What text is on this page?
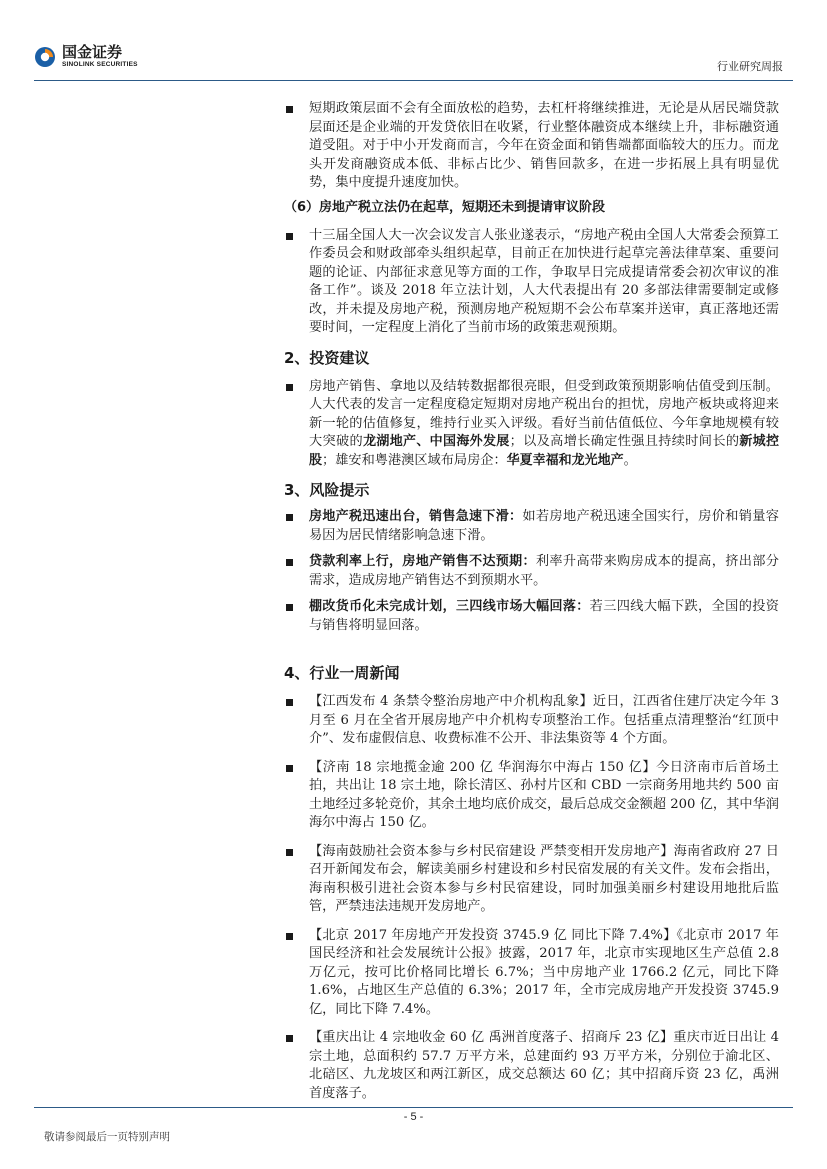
国金证券
SINOLINK SECURITIES	行业研究周报
短期政策层面不会有全面放松的趋势，去杠杆将继续推进，无论是从居民端贷款层面还是企业端的开发贷依旧在收紧，行业整体融资成本继续上升，非标融资通道受阻。对于中小开发商而言，今年在资金面和销售端都面临较大的压力。而龙头开发商融资成本低、非标占比少、销售回款多，在进一步拓展上具有明显优势，集中度提升速度加快。
（6）房地产税立法仍在起草，短期还未到提请审议阶段
十三届全国人大一次会议发言人张业遂表示，“房地产税由全国人大常委会预算工作委员会和财政部牵头组织起草，目前正在加快进行起草完善法律草案、重要问题的论证、内部征求意见等方面的工作，争取早日完成提请常委会初次审议的准备工作”。谈及 2018 年立法计划，人大代表提出有 20 多部法律需要制定或修改，并未提及房地产税，预测房地产税短期不会公布草案并送审，真正落地还需要时间，一定程度上消化了当前市场的政策悲观预期。
2、投资建议
房地产销售、拿地以及结转数据都很亮眼，但受到政策预期影响估值受到压制。人大代表的发言一定程度稳定短期对房地产税出台的担忧，房地产板块或将迎来新一轮的估值修复，维持行业买入评级。看好当前估值低位、今年拿地规模有较大突破的龙湖地产、中国海外发展；以及高增长确定性强且持续时间长的新城控股；雄安和粤港澳区域布局房企：华夏幸福和龙光地产。
3、风险提示
房地产税迅速出台，销售急速下滑：如若房地产税迅速全国实行，房价和销量容易因为居民情绪影响急速下滑。
贷款利率上行，房地产销售不达预期：利率升高带来购房成本的提高，挤出部分需求，造成房地产销售达不到预期水平。
棚改货币化未完成计划，三四线市场大幅回落：若三四线大幅下跌，全国的投资与销售将明显回落。
4、行业一周新闻
【江西发布 4 条禁令整治房地产中介机构乱象】近日，江西省住建厅决定今年 3 月至 6 月在全省开展房地产中介机构专项整治工作。包括重点清理整治“红顶中介”、发布虚假信息、收费标准不公开、非法集资等 4 个方面。
【济南 18 宗地揽金逾 200 亿 华润海尔中海占 150 亿】今日济南市后首场土拍，共出让 18 宗土地，除长清区、孙村片区和 CBD 一宗商务用地共约 500 亩土地经过多轮竞价，其余土地均底价成交，最后总成交金额超 200 亿，其中华润海尔中海占 150 亿。
【海南鼓励社会资本参与乡村民宿建设 严禁变相开发房地产】海南省政府 27 日召开新闻发布会，解读美丽乡村建设和乡村民宿发展的有关文件。发布会指出，海南积极引进社会资本参与乡村民宿建设，同时加强美丽乡村建设用地批后监管，严禁违法违规开发房地产。
【北京 2017 年房地产开发投资 3745.9 亿 同比下降 7.4%】《北京市 2017 年国民经济和社会发展统计公报》披露，2017 年，北京市实现地区生产总值 2.8 万亿元，按可比价格同比增长 6.7%；当中房地产业 1766.2 亿元，同比下降 1.6%，占地区生产总值的 6.3%；2017 年，全市完成房地产开发投资 3745.9 亿，同比下降 7.4%。
【重庆出让 4 宗地收金 60 亿 禹洲首度落子、招商斥 23 亿】重庆市近日出让 4 宗土地，总面积约 57.7 万平方米，总建面约 93 万平方米，分别位于渝北区、北碚区、九龙坡区和两江新区，成交总额达 60 亿；其中招商斥资 23 亿，禹洲首度落子。
- 5 -
敬请参阅最后一页特别声明
